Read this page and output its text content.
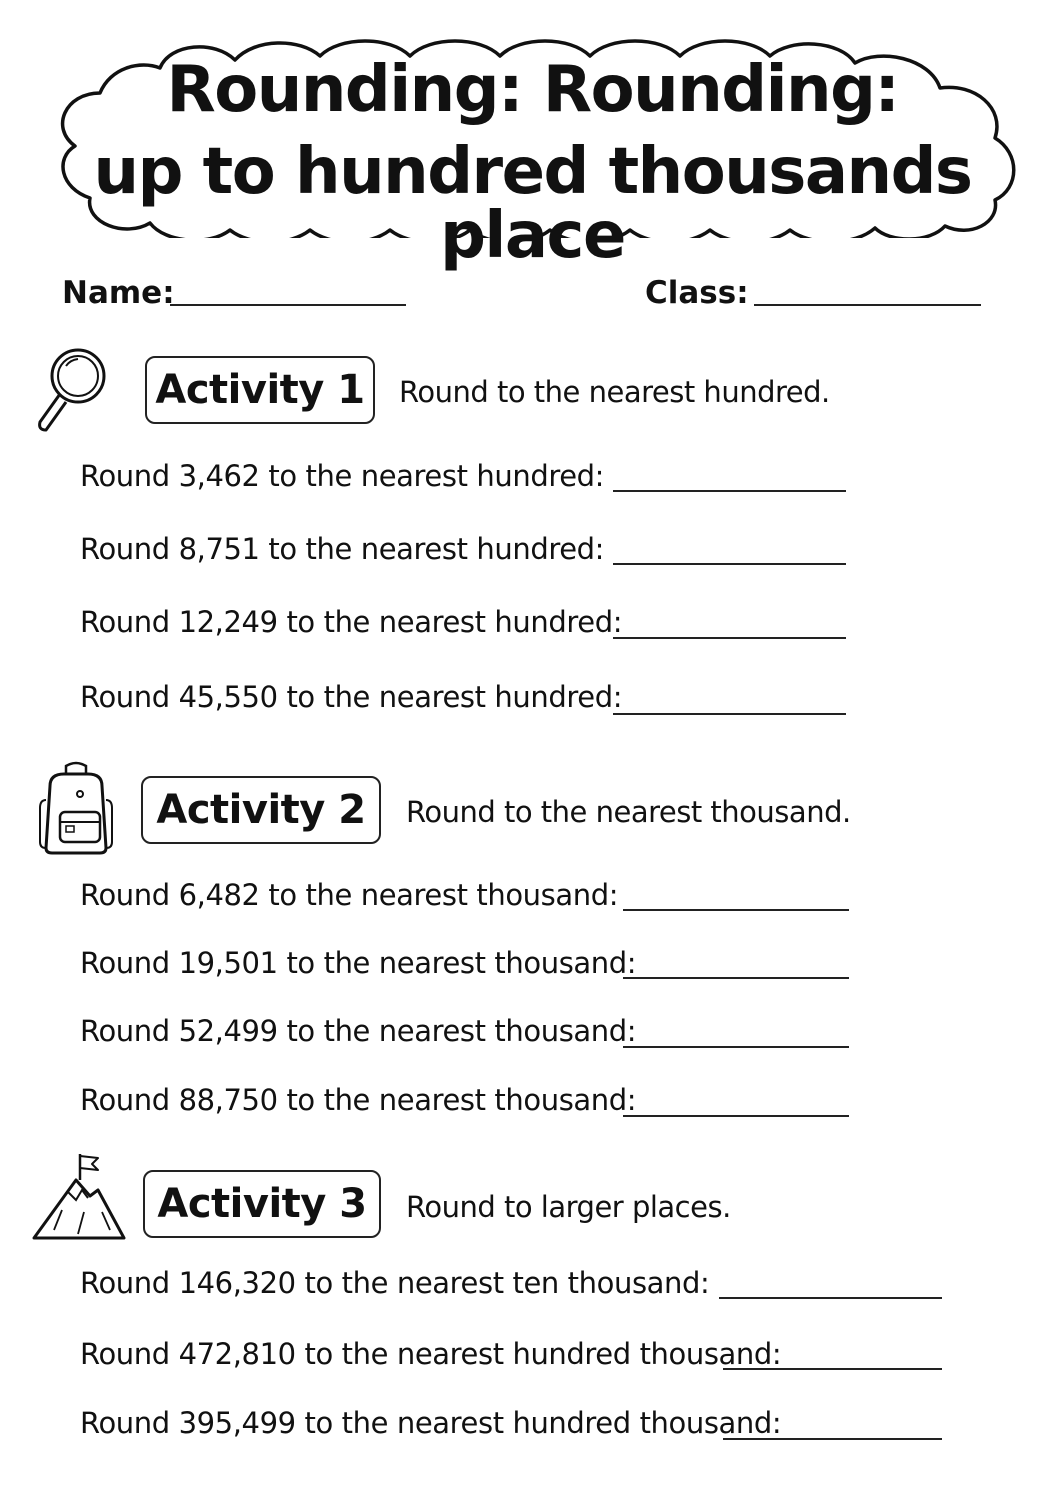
Rounding: Rounding:
up to hundred thousands place
Name:	Class:
Activity 1	Round to the nearest hundred.
Round 3,462 to the nearest hundred:
Round 8,751 to the nearest hundred:
Round 12,249 to the nearest hundred:
Round 45,550 to the nearest hundred:
Activity 2	Round to the nearest thousand.
Round 6,482 to the nearest thousand:
Round 19,501 to the nearest thousand:
Round 52,499 to the nearest thousand:
Round 88,750 to the nearest thousand:
Activity 3	Round to larger places.
Round 146,320 to the nearest ten thousand:
Round 472,810 to the nearest hundred thousand:
Round 395,499 to the nearest hundred thousand:
